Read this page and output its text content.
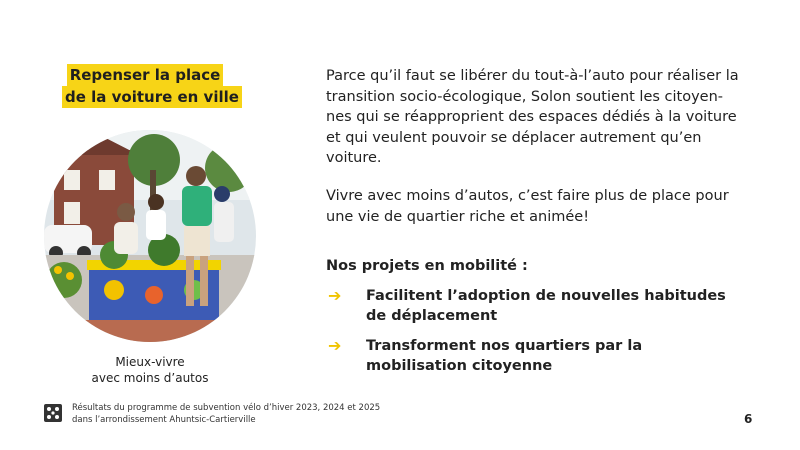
Repenser la place
de la voiture en ville
Mieux-vivre
avec moins d’autos

Parce qu’il faut se libérer du tout-à-l’auto pour réaliser la transition socio-écologique, Solon soutient les citoyen-nes qui se réapproprient des espaces dédiés à la voiture et qui veulent pouvoir se déplacer autrement qu’en voiture.

Vivre avec moins d’autos, c’est faire plus de place pour une vie de quartier riche et animée!

Nos projets en mobilité :
➔ Facilitent l’adoption de nouvelles habitudes de déplacement
➔ Transforment nos quartiers par la mobilisation citoyenne
Résultats du programme de subvention vélo d’hiver 2023, 2024 et 2025
dans l’arrondissement Ahuntsic-Cartierville	6
